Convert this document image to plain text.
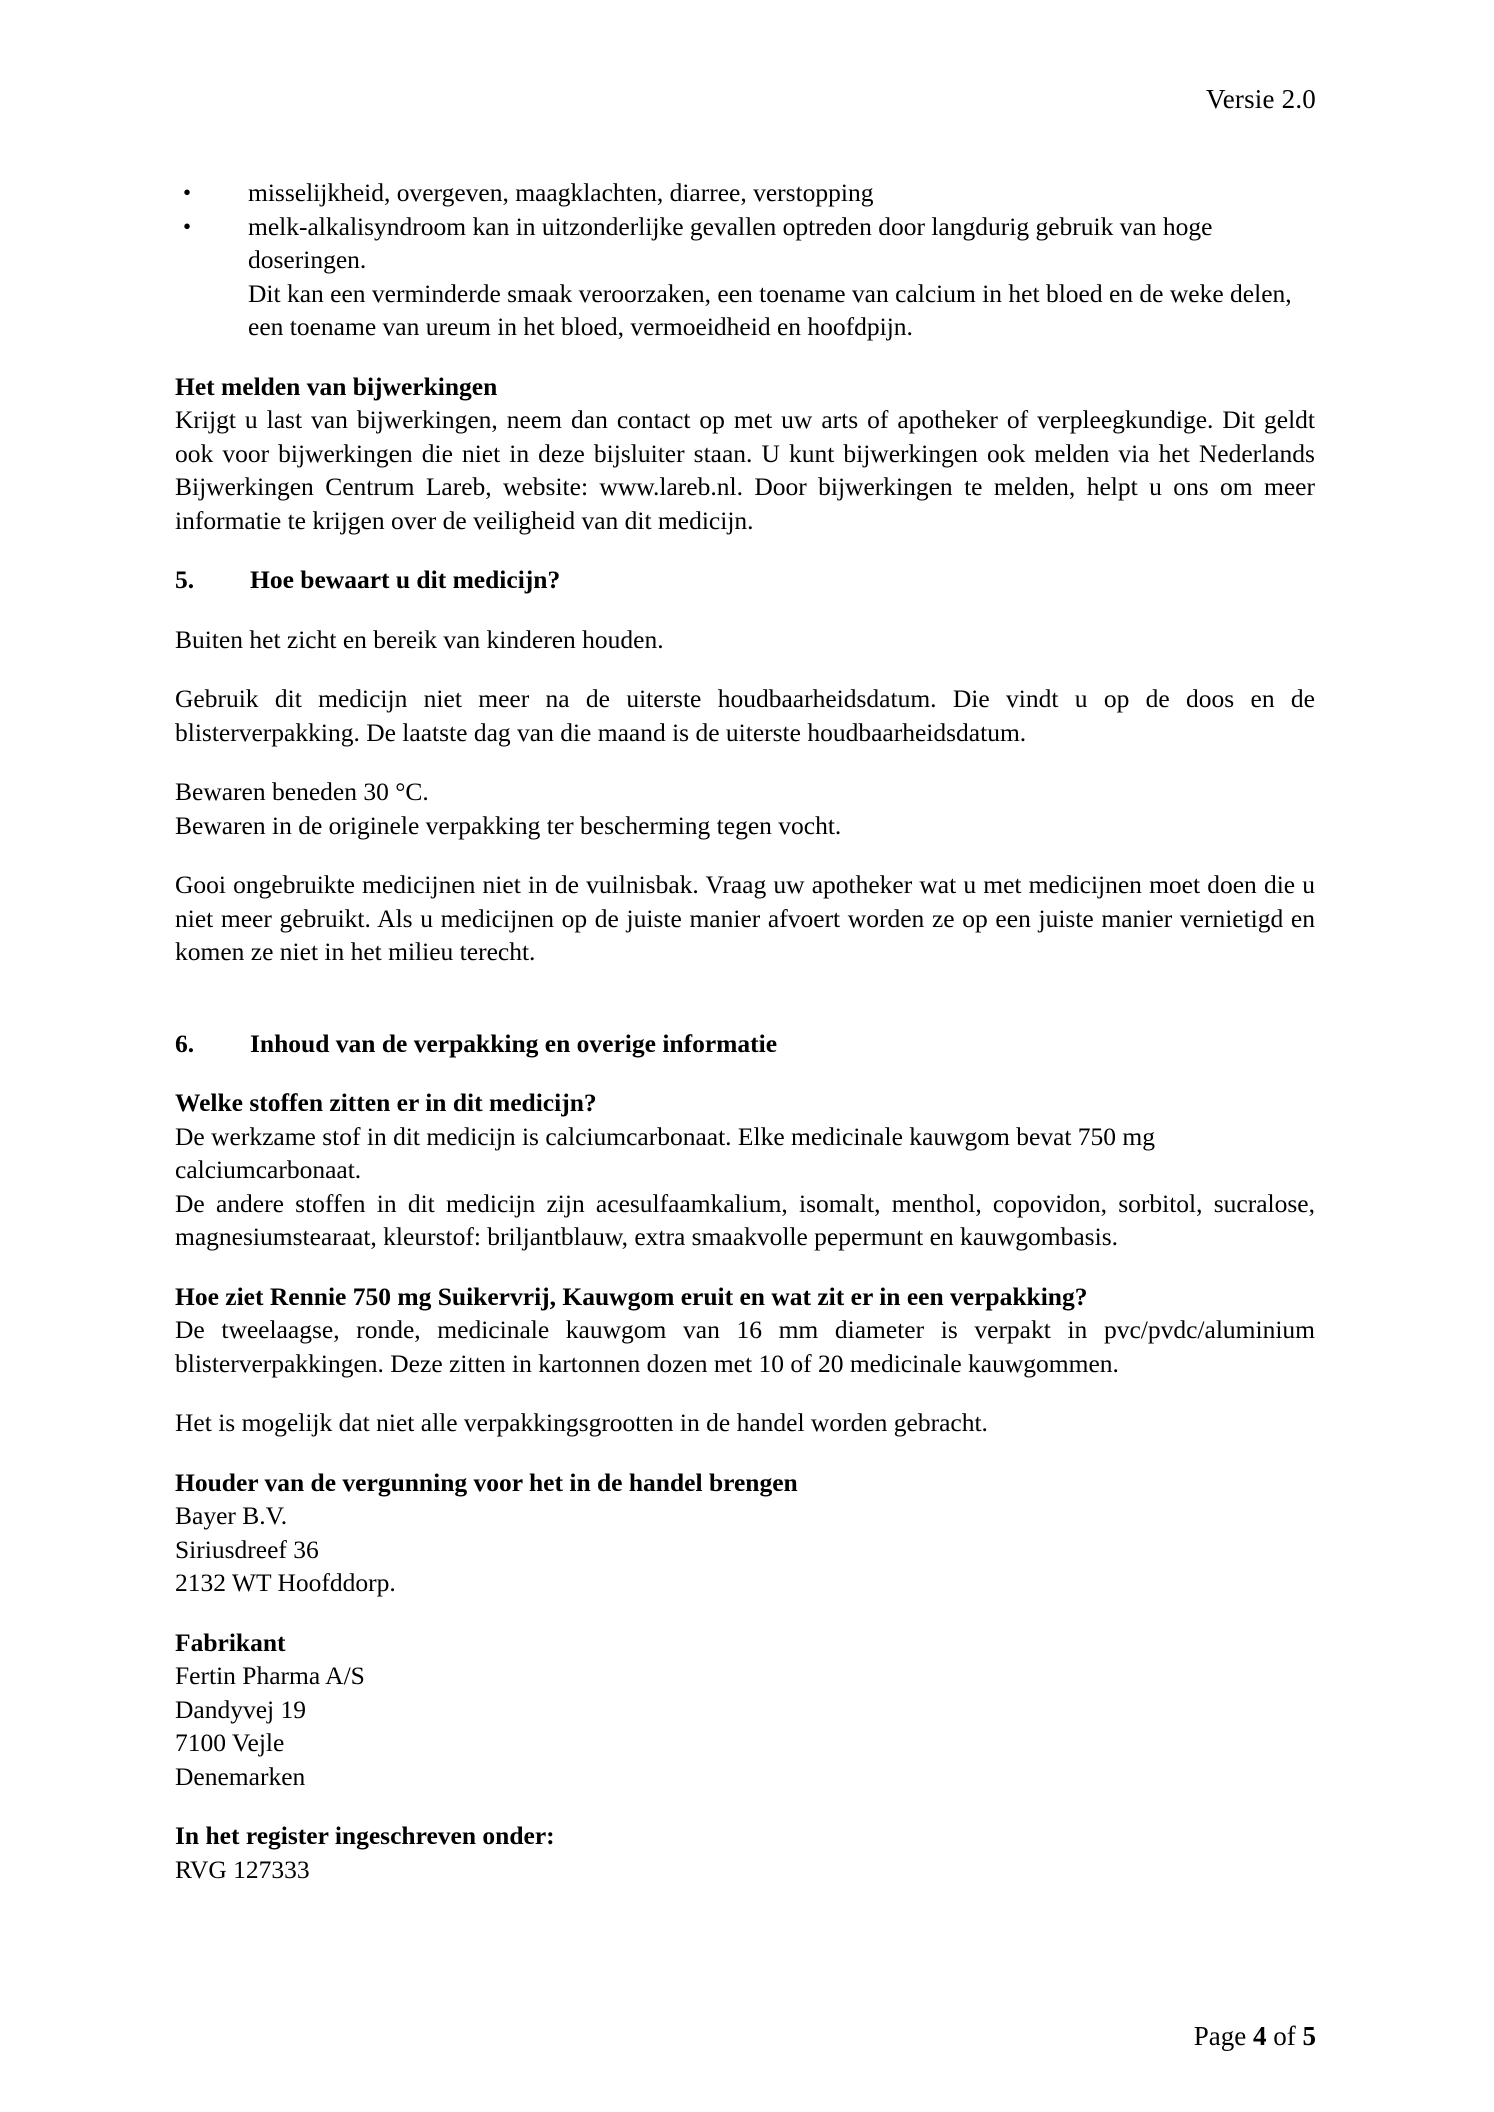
Versie 2.0
• misselijkheid, overgeven, maagklachten, diarree, verstopping
• melk-alkalisyndroom kan in uitzonderlijke gevallen optreden door langdurig gebruik van hoge doseringen.
Dit kan een verminderde smaak veroorzaken, een toename van calcium in het bloed en de weke delen, een toename van ureum in het bloed, vermoeidheid en hoofdpijn.
Het melden van bijwerkingen

Krijgt u last van bijwerkingen, neem dan contact op met uw arts of apotheker of verpleegkundige. Dit geldt ook voor bijwerkingen die niet in deze bijsluiter staan. U kunt bijwerkingen ook melden via het Nederlands Bijwerkingen Centrum Lareb, website: www.lareb.nl. Door bijwerkingen te melden, helpt u ons om meer informatie te krijgen over de veiligheid van dit medicijn.

5. Hoe bewaart u dit medicijn?

Buiten het zicht en bereik van kinderen houden.

Gebruik dit medicijn niet meer na de uiterste houdbaarheidsdatum. Die vindt u op de doos en de blisterverpakking. De laatste dag van die maand is de uiterste houdbaarheidsdatum.

Bewaren beneden 30 °C.

Bewaren in de originele verpakking ter bescherming tegen vocht.

Gooi ongebruikte medicijnen niet in de vuilnisbak. Vraag uw apotheker wat u met medicijnen moet doen die u niet meer gebruikt. Als u medicijnen op de juiste manier afvoert worden ze op een juiste manier vernietigd en komen ze niet in het milieu terecht.

6. Inhoud van de verpakking en overige informatie
Welke stoffen zitten er in dit medicijn?

De werkzame stof in dit medicijn is calciumcarbonaat. Elke medicinale kauwgom bevat 750 mg calciumcarbonaat.

De andere stoffen in dit medicijn zijn acesulfaamkalium, isomalt, menthol, copovidon, sorbitol, sucralose, magnesiumstearaat, kleurstof: briljantblauw, extra smaakvolle pepermunt en kauwgombasis.

Hoe ziet Rennie 750 mg Suikervrij, Kauwgom eruit en wat zit er in een verpakking?

De tweelaagse, ronde, medicinale kauwgom van 16 mm diameter is verpakt in pvc/pvdc/aluminium blisterverpakkingen. Deze zitten in kartonnen dozen met 10 of 20 medicinale kauwgommen.

Het is mogelijk dat niet alle verpakkingsgrootten in de handel worden gebracht.

Houder van de vergunning voor het in de handel brengen
Bayer B.V.
Siriusdreef 36
2132 WT Hoofddorp.
Fabrikant
Fertin Pharma A/S
Dandyvej 19
7100 Vejle
Denemarken
In het register ingeschreven onder:
RVG 127333
Page 4 of 5
